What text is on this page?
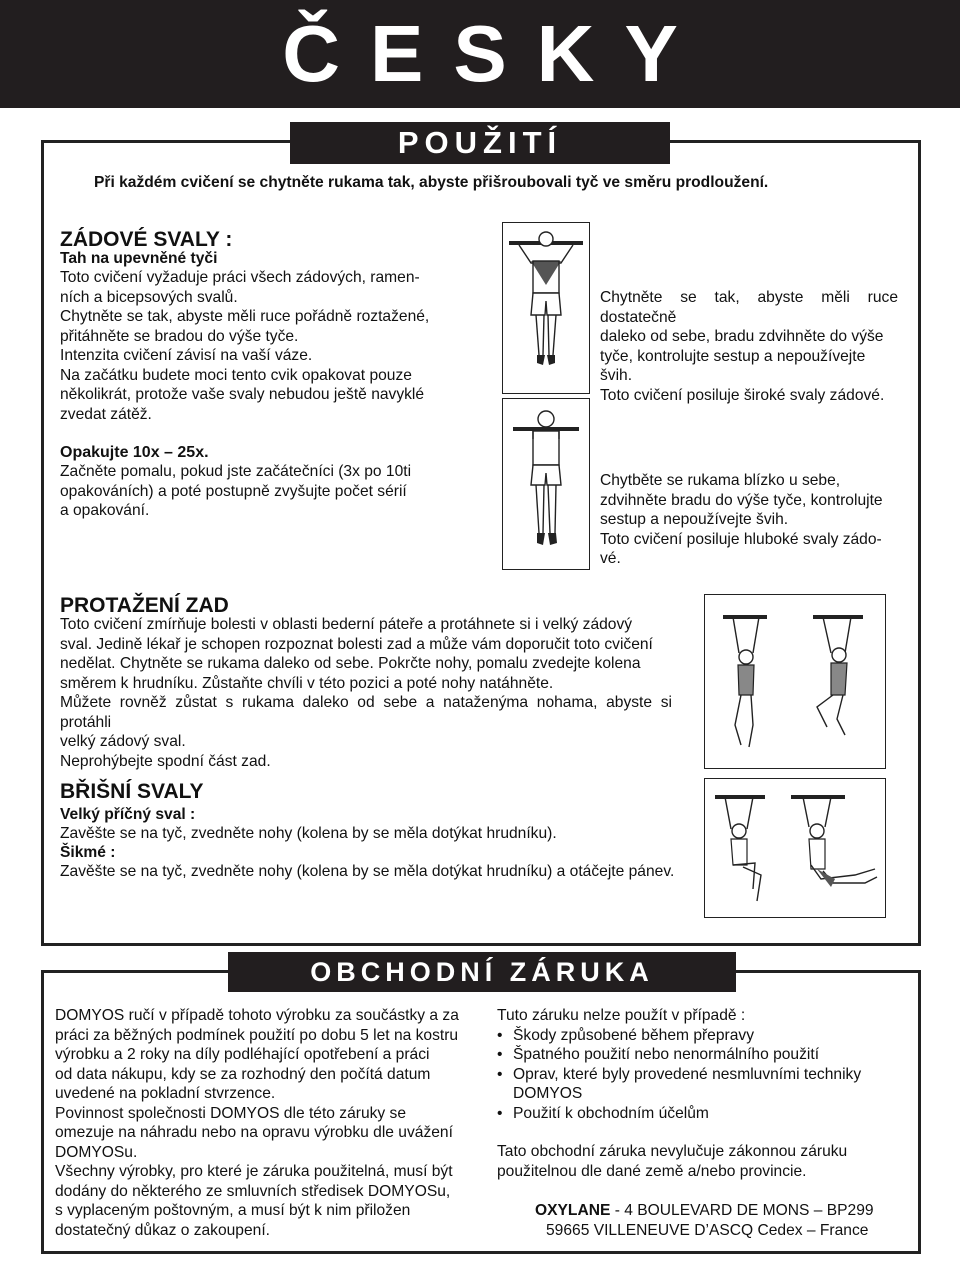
ČESKY
POUŽITÍ
Při každém cvičení se chytněte rukama tak, abyste přišroubovali tyč ve směru prodloužení.
ZÁDOVÉ SVALY :
Tah na upevněné tyči
Toto cvičení vyžaduje práci všech zádových, ramen-
ních a bicepsových svalů.
Chytněte se tak, abyste měli ruce pořádně roztažené,
přitáhněte se bradou do výše tyče.
Intenzita cvičení závisí na vaší váze.
Na začátku budete moci tento cvik opakovat pouze
několikrát, protože vaše svaly nebudou ještě navyklé
zvedat zátěž.
Opakujte 10x – 25x.
Začněte pomalu, pokud jste začátečníci (3x po 10ti
opakováních) a poté postupně zvyšujte počet sérií
a opakování.
Chytněte se tak, abyste měli ruce dostatečně
daleko od sebe, bradu zdvihněte do výše
tyče, kontrolujte sestup a nepoužívejte
švih.
Toto cvičení posiluje široké svaly zádové.
Chytběte se rukama blízko u sebe,
zdvihněte bradu do výše tyče, kontrolujte
sestup a nepoužívejte švih.
Toto cvičení posiluje hluboké svaly zádo-
vé.
PROTAŽENÍ ZAD
Toto cvičení zmírňuje bolesti v oblasti bederní páteře a protáhnete si i velký zádový
sval. Jedině lékař je schopen rozpoznat bolesti zad a může vám doporučit toto cvičení
nedělat. Chytněte se rukama daleko od sebe. Pokrčte nohy, pomalu zvedejte kolena
směrem k hrudníku. Zůstaňte chvíli v této pozici a poté nohy natáhněte.
Můžete rovněž zůstat s rukama daleko od sebe a nataženýma nohama, abyste si protáhli
velký zádový sval.
Neprohýbejte spodní část zad.
BŘIŠNÍ SVALY
Velký příčný sval :
Zavěšte se na tyč, zvedněte nohy (kolena by se měla dotýkat hrudníku).
Šikmé :
Zavěšte se na tyč, zvedněte nohy (kolena by se měla dotýkat hrudníku) a otáčejte pánev.
OBCHODNÍ ZÁRUKA
DOMYOS ručí v případě tohoto výrobku za součástky a za
práci za běžných podmínek použití po dobu 5 let na kostru
výrobku a 2 roky na díly podléhající opotřebení a práci
od data nákupu, kdy se za rozhodný den počítá datum
uvedené na pokladní stvrzence.
Povinnost společnosti DOMYOS dle této záruky se
omezuje na náhradu nebo na opravu výrobku dle uvážení
DOMYOSu.
Všechny výrobky, pro které je záruka použitelná, musí být
dodány do některého ze smluvních středisek DOMYOSu,
s vyplaceným poštovným, a musí být k nim přiložen
dostatečný důkaz o zakoupení.
Tuto záruku nelze použít v případě :
• Škody způsobené během přepravy
• Špatného použití nebo nenormálního použití
• Oprav, které byly provedené nesmluvními techniky
DOMYOS
• Použití k obchodním účelům
Tato obchodní záruka nevylučuje zákonnou záruku
použitelnou dle dané země a/nebo provincie.
OXYLANE - 4 BOULEVARD DE MONS – BP299
59665 VILLENEUVE D’ASCQ Cedex – France
